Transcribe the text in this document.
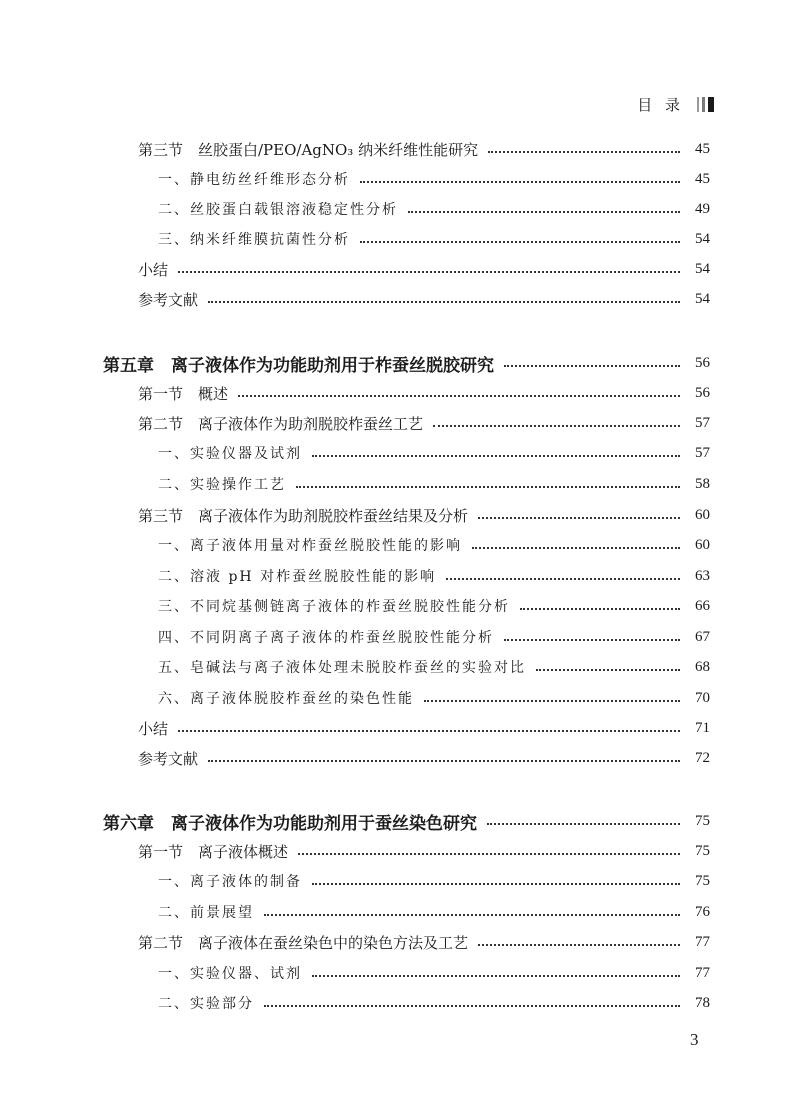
目 录
第三节　丝胶蛋白/PEO/AgNO₃ 纳米纤维性能研究	45
一、静电纺丝纤维形态分析	45
二、丝胶蛋白载银溶液稳定性分析	49
三、纳米纤维膜抗菌性分析	54
小结	54
参考文献	54
第五章　离子液体作为功能助剂用于柞蚕丝脱胶研究	56
第一节　概述	56
第二节　离子液体作为助剂脱胶柞蚕丝工艺	57
一、实验仪器及试剂	57
二、实验操作工艺	58
第三节　离子液体作为助剂脱胶柞蚕丝结果及分析	60
一、离子液体用量对柞蚕丝脱胶性能的影响	60
二、溶液 pH 对柞蚕丝脱胶性能的影响	63
三、不同烷基侧链离子液体的柞蚕丝脱胶性能分析	66
四、不同阴离子离子液体的柞蚕丝脱胶性能分析	67
五、皂碱法与离子液体处理未脱胶柞蚕丝的实验对比	68
六、离子液体脱胶柞蚕丝的染色性能	70
小结	71
参考文献	72
第六章　离子液体作为功能助剂用于蚕丝染色研究	75
第一节　离子液体概述	75
一、离子液体的制备	75
二、前景展望	76
第二节　离子液体在蚕丝染色中的染色方法及工艺	77
一、实验仪器、试剂	77
二、实验部分	78
3
